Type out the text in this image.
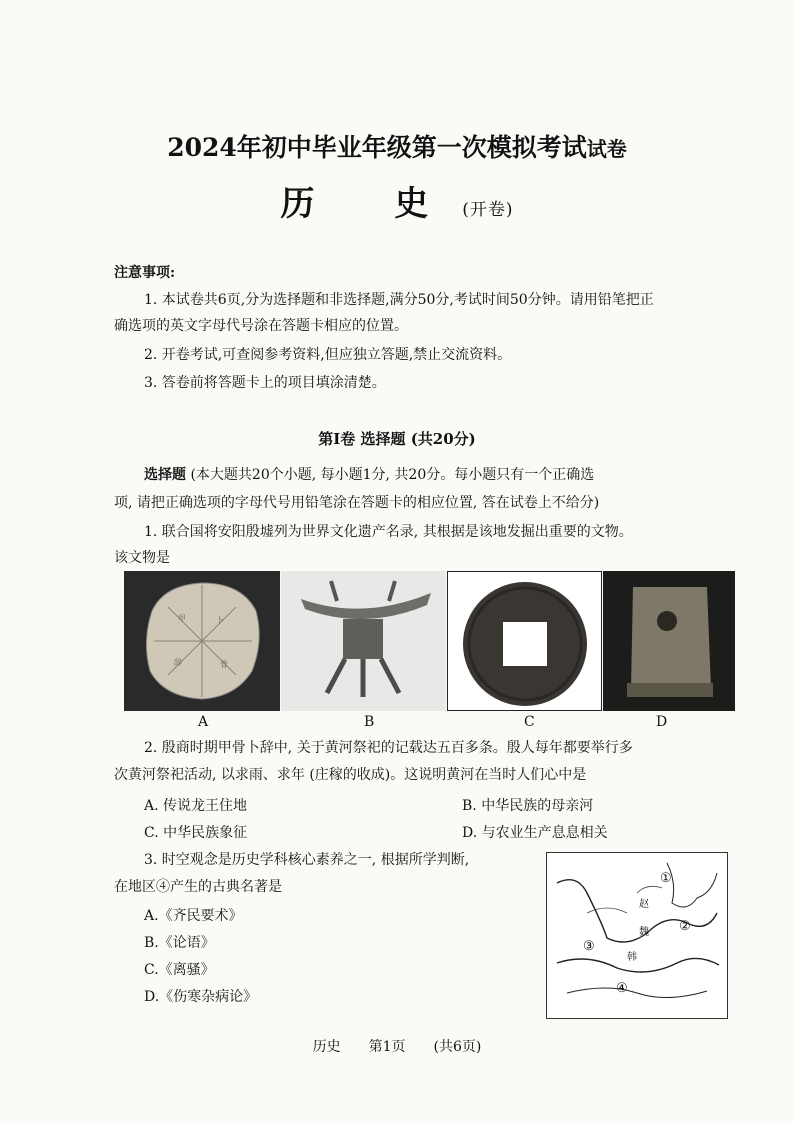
2024年初中毕业年级第一次模拟考试试卷
历 史(开卷)
注意事项:
1. 本试卷共6页,分为选择题和非选择题,满分50分,考试时间50分钟。请用铅笔把正
确选项的英文字母代号涂在答题卡相应的位置。
2. 开卷考试,可查阅参考资料,但应独立答题,禁止交流资料。
3. 答卷前将答题卡上的项目填涂清楚。
第Ⅰ卷 选择题 (共20分)
选择题 (本大题共20个小题, 每小题1分, 共20分。每小题只有一个正确选
项, 请把正确选项的字母代号用铅笔涂在答题卡的相应位置, 答在试卷上不给分)
1. 联合国将安阳殷墟列为世界文化遗产名录, 其根据是该地发掘出重要的文物。
该文物是
甲	卜
辞	骨
A	B	C	D
2. 殷商时期甲骨卜辞中, 关于黄河祭祀的记载达五百多条。殷人每年都要举行多
次黄河祭祀活动, 以求雨、求年 (庄稼的收成)。这说明黄河在当时人们心中是
A. 传说龙王住地	B. 中华民族的母亲河
C. 中华民族象征	D. 与农业生产息息相关
3. 时空观念是历史学科核心素养之一, 根据所学判断,
在地区④产生的古典名著是
A.《齐民要术》
B.《论语》
C.《离骚》
D.《伤寒杂病论》
①
②
③
④
赵
魏
韩
历史 第1页 (共6页)
